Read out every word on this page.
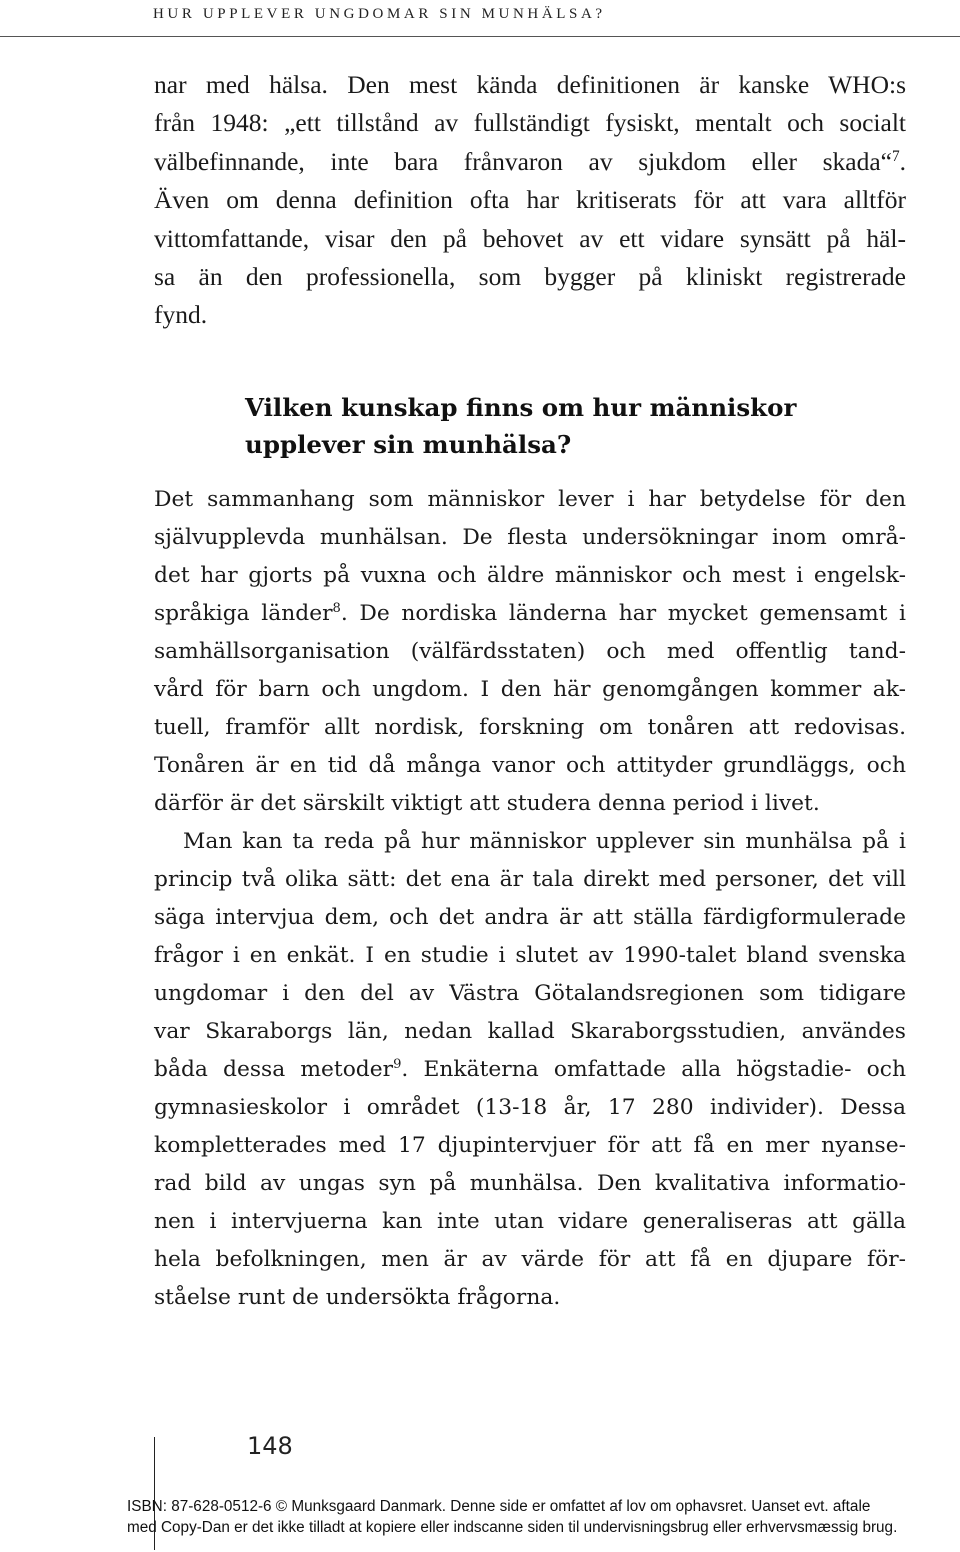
HUR UPPLEVER UNGDOMAR SIN MUNHÄLSA?
nar med hälsa. Den mest kända definitionen är kanske WHO:s
från 1948: „ett tillstånd av fullständigt fysiskt, mentalt och socialt
välbefinnande, inte bara frånvaron av sjukdom eller skada“$^7$.
Även om denna definition ofta har kritiserats för att vara alltför
vittomfattande, visar den på behovet av ett vidare synsätt på häl-
sa än den professionella, som bygger på kliniskt registrerade
fynd.
Vilken kunskap finns om hur människor
upplever sin munhälsa?
Det sammanhang som människor lever i har betydelse för den
självupplevda munhälsan. De flesta undersökningar inom områ-
det har gjorts på vuxna och äldre människor och mest i engelsk-
språkiga länder$^8$. De nordiska länderna har mycket gemensamt i
samhällsorganisation (välfärdsstaten) och med offentlig tand-
vård för barn och ungdom. I den här genomgången kommer ak-
tuell, framför allt nordisk, forskning om tonåren att redovisas.
Tonåren är en tid då många vanor och attityder grundläggs, och
därför är det särskilt viktigt att studera denna period i livet.
Man kan ta reda på hur människor upplever sin munhälsa på i
princip två olika sätt: det ena är tala direkt med personer, det vill
säga intervjua dem, och det andra är att ställa färdigformulerade
frågor i en enkät. I en studie i slutet av 1990-talet bland svenska
ungdomar i den del av Västra Götalandsregionen som tidigare
var Skaraborgs län, nedan kallad Skaraborgsstudien, användes
båda dessa metoder$^9$. Enkäterna omfattade alla högstadie- och
gymnasieskolor i området (13-18 år, 17 280 individer). Dessa
kompletterades med 17 djupintervjuer för att få en mer nyanse-
rad bild av ungas syn på munhälsa. Den kvalitativa informatio-
nen i intervjuerna kan inte utan vidare generaliseras att gälla
hela befolkningen, men är av värde för att få en djupare för-
ståelse runt de undersökta frågorna.
148
ISBN: 87-628-0512-6 © Munksgaard Danmark. Denne side er omfattet af lov om ophavsret. Uanset evt. aftale
med Copy-Dan er det ikke tilladt at kopiere eller indscanne siden til undervisningsbrug eller erhvervsmæssig brug.
